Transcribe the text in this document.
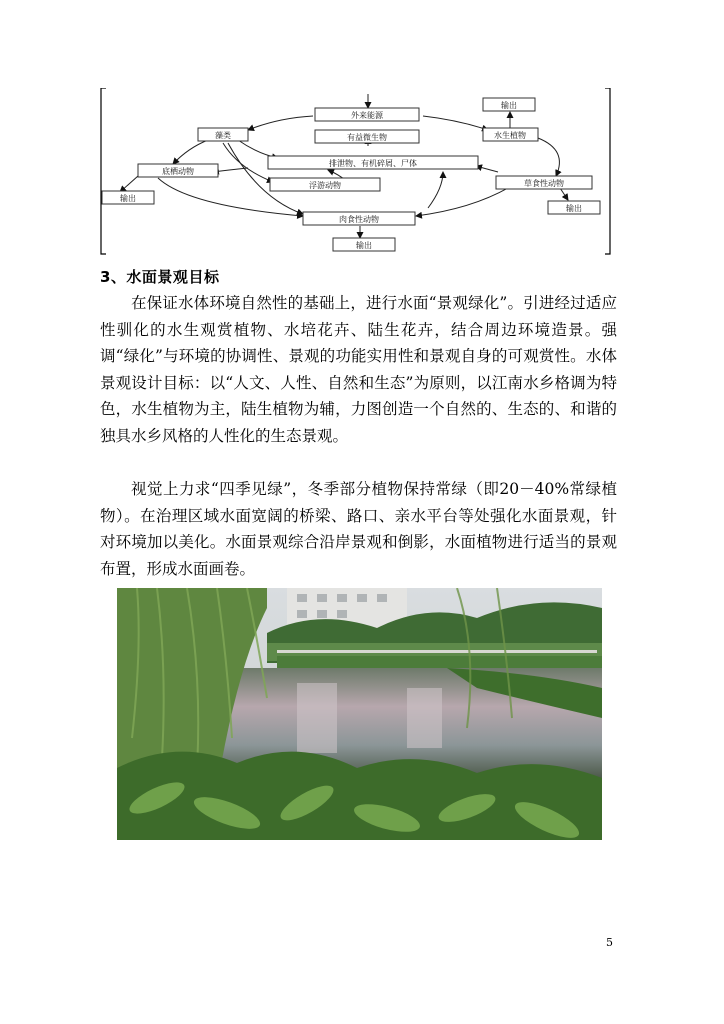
外来能源
有益微生物
输出
水生植物
藻类
排泄物、有机碎屑、尸体
底栖动物
输出
浮游动物	草食性动物
输出
肉食性动物
输出
3、水面景观目标

在保证水体环境自然性的基础上，进行水面“景观绿化”。引进经过适应性驯化的水生观赏植物、水培花卉、陆生花卉，结合周边环境造景。强调“绿化”与环境的协调性、景观的功能实用性和景观自身的可观赏性。水体景观设计目标：以“人文、人性、自然和生态”为原则，以江南水乡格调为特色，水生植物为主，陆生植物为辅，力图创造一个自然的、生态的、和谐的独具水乡风格的人性化的生态景观。

视觉上力求“四季见绿”，冬季部分植物保持常绿（即20－40%常绿植物）。在治理区域水面宽阔的桥梁、路口、亲水平台等处强化水面景观，针对环境加以美化。水面景观综合沿岸景观和倒影，水面植物进行适当的景观布置，形成水面画卷。

5
